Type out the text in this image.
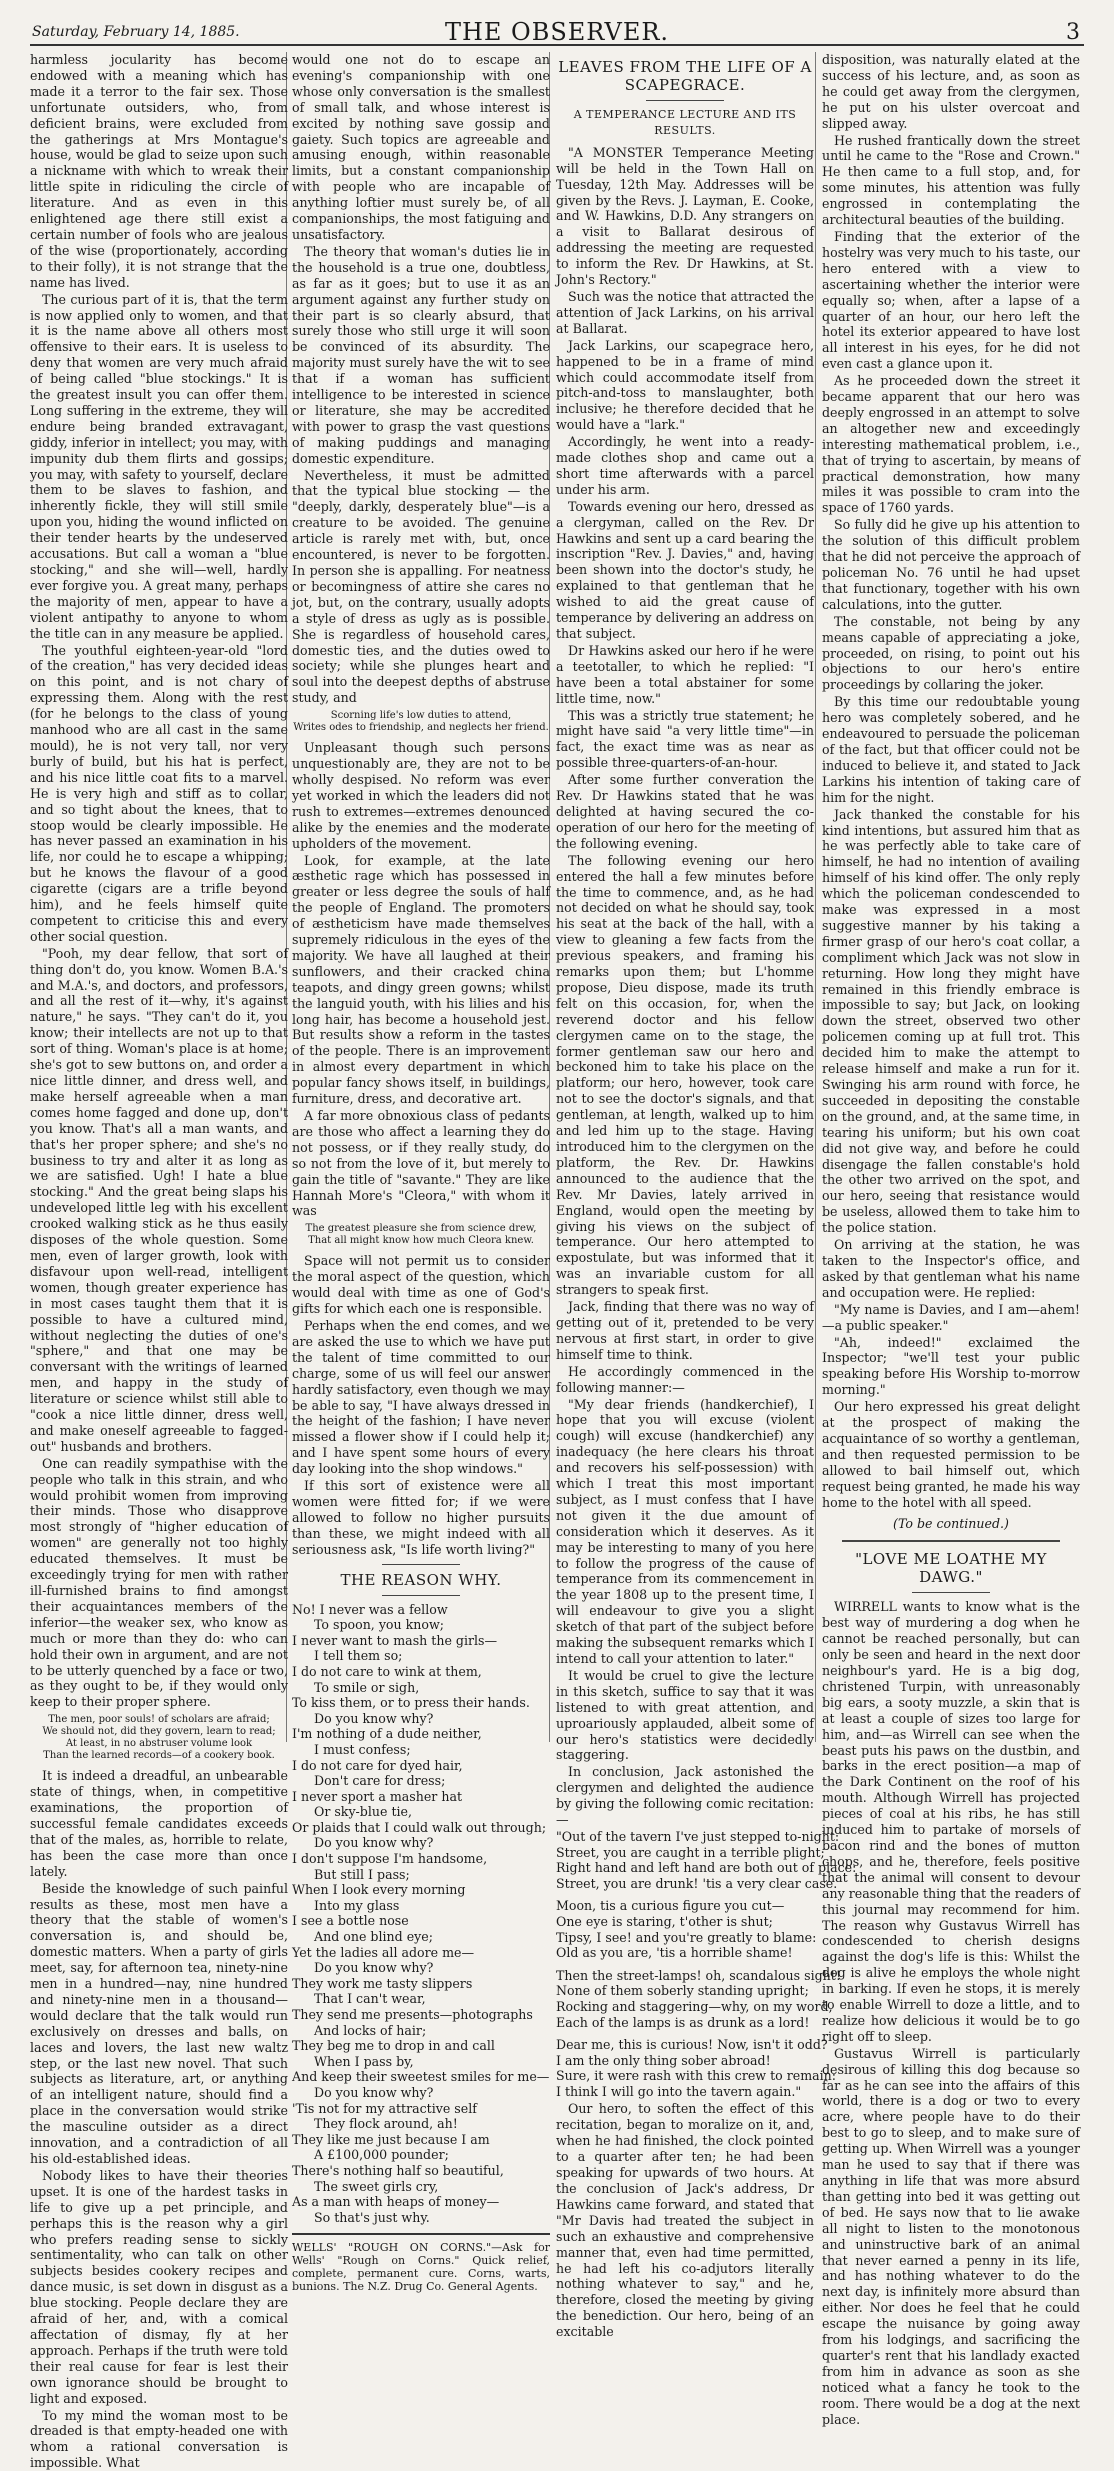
Saturday, February 14, 1885.	THE OBSERVER.	3

harmless jocularity has become endowed with a meaning which has made it a terror to the fair sex. Those unfortunate outsiders, who, from deficient brains, were excluded from the gatherings at Mrs Montague's house, would be glad to seize upon such a nickname with which to wreak their little spite in ridiculing the circle of literature. And as even in this enlightened age there still exist a certain number of fools who are jealous of the wise (proportionately, according to their folly), it is not strange that the name has lived.

The curious part of it is, that the term is now applied only to women, and that it is the name above all others most offensive to their ears. It is useless to deny that women are very much afraid of being called "blue stockings." It is the greatest insult you can offer them. Long suffering in the extreme, they will endure being branded extravagant, giddy, inferior in intellect; you may, with impunity dub them flirts and gossips; you may, with safety to yourself, declare them to be slaves to fashion, and inherently fickle, they will still smile upon you, hiding the wound inflicted on their tender hearts by the undeserved accusations. But call a woman a "blue stocking," and she will—well, hardly ever forgive you. A great many, perhaps the majority of men, appear to have a violent antipathy to anyone to whom the title can in any measure be applied.

The youthful eighteen-year-old "lord of the creation," has very decided ideas on this point, and is not chary of expressing them. Along with the rest (for he belongs to the class of young manhood who are all cast in the same mould), he is not very tall, nor very burly of build, but his hat is perfect, and his nice little coat fits to a marvel. He is very high and stiff as to collar, and so tight about the knees, that to stoop would be clearly impossible. He has never passed an examination in his life, nor could he to escape a whipping; but he knows the flavour of a good cigarette (cigars are a trifle beyond him), and he feels himself quite competent to criticise this and every other social question.

"Pooh, my dear fellow, that sort of thing don't do, you know. Women B.A.'s and M.A.'s, and doctors, and professors, and all the rest of it—why, it's against nature," he says. "They can't do it, you know; their intellects are not up to that sort of thing. Woman's place is at home; she's got to sew buttons on, and order a nice little dinner, and dress well, and make herself agreeable when a man comes home fagged and done up, don't you know. That's all a man wants, and that's her proper sphere; and she's no business to try and alter it as long as we are satisfied. Ugh! I hate a blue stocking." And the great being slaps his undeveloped little leg with his excellent crooked walking stick as he thus easily disposes of the whole question. Some men, even of larger growth, look with disfavour upon well-read, intelligent women, though greater experience has in most cases taught them that it is possible to have a cultured mind, without neglecting the duties of one's "sphere," and that one may be conversant with the writings of learned men, and happy in the study of literature or science whilst still able to "cook a nice little dinner, dress well, and make oneself agreeable to fagged-out" husbands and brothers.

One can readily sympathise with the people who talk in this strain, and who would prohibit women from improving their minds. Those who disapprove most strongly of "higher education of women" are generally not too highly educated themselves. It must be exceedingly trying for men with rather ill-furnished brains to find amongst their acquaintances members of the inferior—the weaker sex, who know as much or more than they do: who can hold their own in argument, and are not to be utterly quenched by a face or two, as they ought to be, if they would only keep to their proper sphere.

The men, poor souls! of scholars are afraid;
We should not, did they govern, learn to read;
At least, in no abstruser volume look
Than the learned records—of a cookery book.

It is indeed a dreadful, an unbearable state of things, when, in competitive examinations, the proportion of successful female candidates exceeds that of the males, as, horrible to relate, has been the case more than once lately.

Beside the knowledge of such painful results as these, most men have a theory that the stable of women's conversation is, and should be, domestic matters. When a party of girls meet, say, for afternoon tea, ninety-nine men in a hundred—nay, nine hundred and ninety-nine men in a thousand—would declare that the talk would run exclusively on dresses and balls, on laces and lovers, the last new waltz step, or the last new novel. That such subjects as literature, art, or anything of an intelligent nature, should find a place in the conversation would strike the masculine outsider as a direct innovation, and a contradiction of all his old-established ideas.

Nobody likes to have their theories upset. It is one of the hardest tasks in life to give up a pet principle, and perhaps this is the reason why a girl who prefers reading sense to sickly sentimentality, who can talk on other subjects besides cookery recipes and dance music, is set down in disgust as a blue stocking. People declare they are afraid of her, and, with a comical affectation of dismay, fly at her approach. Perhaps if the truth were told their real cause for fear is lest their own ignorance should be brought to light and exposed.

To my mind the woman most to be dreaded is that empty-headed one with whom a rational conversation is impossible. What

would one not do to escape an evening's companionship with one whose only conversation is the smallest of small talk, and whose interest is excited by nothing save gossip and gaiety. Such topics are agreeable and amusing enough, within reasonable limits, but a constant companionship with people who are incapable of anything loftier must surely be, of all companionships, the most fatiguing and unsatisfactory.

The theory that woman's duties lie in the household is a true one, doubtless, as far as it goes; but to use it as an argument against any further study on their part is so clearly absurd, that surely those who still urge it will soon be convinced of its absurdity. The majority must surely have the wit to see that if a woman has sufficient intelligence to be interested in science or literature, she may be accredited with power to grasp the vast questions of making puddings and managing domestic expenditure.

Nevertheless, it must be admitted that the typical blue stocking — the "deeply, darkly, desperately blue"—is a creature to be avoided. The genuine article is rarely met with, but, once encountered, is never to be forgotten. In person she is appalling. For neatness or becomingness of attire she cares no jot, but, on the contrary, usually adopts a style of dress as ugly as is possible. She is regardless of household cares, domestic ties, and the duties owed to society; while she plunges heart and soul into the deepest depths of abstruse study, and

Scorning life's low duties to attend,
Writes odes to friendship, and neglects her friend.

Unpleasant though such persons unquestionably are, they are not to be wholly despised. No reform was ever yet worked in which the leaders did not rush to extremes—extremes denounced alike by the enemies and the moderate upholders of the movement.

Look, for example, at the late æsthetic rage which has possessed in greater or less degree the souls of half the people of England. The promoters of æstheticism have made themselves supremely ridiculous in the eyes of the majority. We have all laughed at their sunflowers, and their cracked china teapots, and dingy green gowns; whilst the languid youth, with his lilies and his long hair, has become a household jest. But results show a reform in the tastes of the people. There is an improvement in almost every department in which popular fancy shows itself, in buildings, furniture, dress, and decorative art.

A far more obnoxious class of pedants are those who affect a learning they do not possess, or if they really study, do so not from the love of it, but merely to gain the title of "savante." They are like Hannah More's "Cleora," with whom it was

The greatest pleasure she from science drew,
That all might know how much Cleora knew.

Space will not permit us to consider the moral aspect of the question, which would deal with time as one of God's gifts for which each one is responsible.

Perhaps when the end comes, and we are asked the use to which we have put the talent of time committed to our charge, some of us will feel our answer hardly satisfactory, even though we may be able to say, "I have always dressed in the height of the fashion; I have never missed a flower show if I could help it; and I have spent some hours of every day looking into the shop windows."

If this sort of existence were all women were fitted for; if we were allowed to follow no higher pursuits than these, we might indeed with all seriousness ask, "Is life worth living?"

THE REASON WHY.
No! I never was a fellow
To spoon, you know;
I never want to mash the girls—
I tell them so;
I do not care to wink at them,
To smile or sigh,
To kiss them, or to press their hands.
Do you know why?
I'm nothing of a dude neither,
I must confess;
I do not care for dyed hair,
Don't care for dress;
I never sport a masher hat
Or sky-blue tie,
Or plaids that I could walk out through;
Do you know why?
I don't suppose I'm handsome,
But still I pass;
When I look every morning
Into my glass
I see a bottle nose
And one blind eye;
Yet the ladies all adore me—
Do you know why?
They work me tasty slippers
That I can't wear,
They send me presents—photographs
And locks of hair;
They beg me to drop in and call
When I pass by,
And keep their sweetest smiles for me—
Do you know why?
'Tis not for my attractive self
They flock around, ah!
They like me just because I am
A £100,000 pounder;
There's nothing half so beautiful,
The sweet girls cry,
As a man with heaps of money—
So that's just why.
WELLS' "ROUGH ON CORNS."—Ask for Wells' "Rough on Corns." Quick relief, complete, permanent cure. Corns, warts, bunions. The N.Z. Drug Co. General Agents.
LEAVES FROM THE LIFE OF A SCAPEGRACE.
A TEMPERANCE LECTURE AND ITS RESULTS.

"A MONSTER Temperance Meeting will be held in the Town Hall on Tuesday, 12th May. Addresses will be given by the Revs. J. Layman, E. Cooke, and W. Hawkins, D.D. Any strangers on a visit to Ballarat desirous of addressing the meeting are requested to inform the Rev. Dr Hawkins, at St. John's Rectory."

Such was the notice that attracted the attention of Jack Larkins, on his arrival at Ballarat.

Jack Larkins, our scapegrace hero, happened to be in a frame of mind which could accommodate itself from pitch-and-toss to manslaughter, both inclusive; he therefore decided that he would have a "lark."

Accordingly, he went into a ready-made clothes shop and came out a short time afterwards with a parcel under his arm.

Towards evening our hero, dressed as a clergyman, called on the Rev. Dr Hawkins and sent up a card bearing the inscription "Rev. J. Davies," and, having been shown into the doctor's study, he explained to that gentleman that he wished to aid the great cause of temperance by delivering an address on that subject.

Dr Hawkins asked our hero if he were a teetotaller, to which he replied: "I have been a total abstainer for some little time, now."

This was a strictly true statement; he might have said "a very little time"—in fact, the exact time was as near as possible three-quarters-of-an-hour.

After some further converation the Rev. Dr Hawkins stated that he was delighted at having secured the co-operation of our hero for the meeting of the following evening.

The following evening our hero entered the hall a few minutes before the time to commence, and, as he had not decided on what he should say, took his seat at the back of the hall, with a view to gleaning a few facts from the previous speakers, and framing his remarks upon them; but L'homme propose, Dieu dispose, made its truth felt on this occasion, for, when the reverend doctor and his fellow clergymen came on to the stage, the former gentleman saw our hero and beckoned him to take his place on the platform; our hero, however, took care not to see the doctor's signals, and that gentleman, at length, walked up to him and led him up to the stage. Having introduced him to the clergymen on the platform, the Rev. Dr. Hawkins announced to the audience that the Rev. Mr Davies, lately arrived in England, would open the meeting by giving his views on the subject of temperance. Our hero attempted to expostulate, but was informed that it was an invariable custom for all strangers to speak first.

Jack, finding that there was no way of getting out of it, pretended to be very nervous at first start, in order to give himself time to think.

He accordingly commenced in the following manner:—

"My dear friends (handkerchief), I hope that you will excuse (violent cough) will excuse (handkerchief) any inadequacy (he here clears his throat and recovers his self-possession) with which I treat this most important subject, as I must confess that I have not given it the due amount of consideration which it deserves. As it may be interesting to many of you here to follow the progress of the cause of temperance from its commencement in the year 1808 up to the present time, I will endeavour to give you a slight sketch of that part of the subject before making the subsequent remarks which I intend to call your attention to later."

It would be cruel to give the lecture in this sketch, suffice to say that it was listened to with great attention, and uproariously applauded, albeit some of our hero's statistics were decidedly staggering.

In conclusion, Jack astonished the clergymen and delighted the audience by giving the following comic recitation:—

"Out of the tavern I've just stepped to-night:
Street, you are caught in a terrible plight;
Right hand and left hand are both out of place:
Street, you are drunk! 'tis a very clear case.
Moon, tis a curious figure you cut—
One eye is staring, t'other is shut;
Tipsy, I see! and you're greatly to blame:
Old as you are, 'tis a horrible shame!
Then the street-lamps! oh, scandalous sight!
None of them soberly standing upright;
Rocking and staggering—why, on my word,
Each of the lamps is as drunk as a lord!
Dear me, this is curious! Now, isn't it odd?
I am the only thing sober abroad!
Sure, it were rash with this crew to remain:
I think I will go into the tavern again."

Our hero, to soften the effect of this recitation, began to moralize on it, and, when he had finished, the clock pointed to a quarter after ten; he had been speaking for upwards of two hours. At the conclusion of Jack's address, Dr Hawkins came forward, and stated that "Mr Davis had treated the subject in such an exhaustive and comprehensive manner that, even had time permitted, he had left his co-adjutors literally nothing whatever to say," and he, therefore, closed the meeting by giving the benediction. Our hero, being of an excitable

disposition, was naturally elated at the success of his lecture, and, as soon as he could get away from the clergymen, he put on his ulster overcoat and slipped away.

He rushed frantically down the street until he came to the "Rose and Crown." He then came to a full stop, and, for some minutes, his attention was fully engrossed in contemplating the architectural beauties of the building.

Finding that the exterior of the hostelry was very much to his taste, our hero entered with a view to ascertaining whether the interior were equally so; when, after a lapse of a quarter of an hour, our hero left the hotel its exterior appeared to have lost all interest in his eyes, for he did not even cast a glance upon it.

As he proceeded down the street it became apparent that our hero was deeply engrossed in an attempt to solve an altogether new and exceedingly interesting mathematical problem, i.e., that of trying to ascertain, by means of practical demonstration, how many miles it was possible to cram into the space of 1760 yards.

So fully did he give up his attention to the solution of this difficult problem that he did not perceive the approach of policeman No. 76 until he had upset that functionary, together with his own calculations, into the gutter.

The constable, not being by any means capable of appreciating a joke, proceeded, on rising, to point out his objections to our hero's entire proceedings by collaring the joker.

By this time our redoubtable young hero was completely sobered, and he endeavoured to persuade the policeman of the fact, but that officer could not be induced to believe it, and stated to Jack Larkins his intention of taking care of him for the night.

Jack thanked the constable for his kind intentions, but assured him that as he was perfectly able to take care of himself, he had no intention of availing himself of his kind offer. The only reply which the policeman condescended to make was expressed in a most suggestive manner by his taking a firmer grasp of our hero's coat collar, a compliment which Jack was not slow in returning. How long they might have remained in this friendly embrace is impossible to say; but Jack, on looking down the street, observed two other policemen coming up at full trot. This decided him to make the attempt to release himself and make a run for it. Swinging his arm round with force, he succeeded in depositing the constable on the ground, and, at the same time, in tearing his uniform; but his own coat did not give way, and before he could disengage the fallen constable's hold the other two arrived on the spot, and our hero, seeing that resistance would be useless, allowed them to take him to the police station.

On arriving at the station, he was taken to the Inspector's office, and asked by that gentleman what his name and occupation were. He replied:

"My name is Davies, and I am—ahem!—a public speaker."

"Ah, indeed!" exclaimed the Inspector; "we'll test your public speaking before His Worship to-morrow morning."

Our hero expressed his great delight at the prospect of making the acquaintance of so worthy a gentleman, and then requested permission to be allowed to bail himself out, which request being granted, he made his way home to the hotel with all speed.

(To be continued.)
"LOVE ME LOATHE MY DAWG."

WIRRELL wants to know what is the best way of murdering a dog when he cannot be reached personally, but can only be seen and heard in the next door neighbour's yard. He is a big dog, christened Turpin, with unreasonably big ears, a sooty muzzle, a skin that is at least a couple of sizes too large for him, and—as Wirrell can see when the beast puts his paws on the dustbin, and barks in the erect position—a map of the Dark Continent on the roof of his mouth. Although Wirrell has projected pieces of coal at his ribs, he has still induced him to partake of morsels of bacon rind and the bones of mutton chops, and he, therefore, feels positive that the animal will consent to devour any reasonable thing that the readers of this journal may recommend for him. The reason why Gustavus Wirrell has condescended to cherish designs against the dog's life is this: Whilst the dog is alive he employs the whole night in barking. If even he stops, it is merely to enable Wirrell to doze a little, and to realize how delicious it would be to go right off to sleep.

Gustavus Wirrell is particularly desirous of killing this dog because so far as he can see into the affairs of this world, there is a dog or two to every acre, where people have to do their best to go to sleep, and to make sure of getting up. When Wirrell was a younger man he used to say that if there was anything in life that was more absurd than getting into bed it was getting out of bed. He says now that to lie awake all night to listen to the monotonous and uninstructive bark of an animal that never earned a penny in its life, and has nothing whatever to do the next day, is infinitely more absurd than either. Nor does he feel that he could escape the nuisance by going away from his lodgings, and sacrificing the quarter's rent that his landlady exacted from him in advance as soon as she noticed what a fancy he took to the room. There would be a dog at the next place.
